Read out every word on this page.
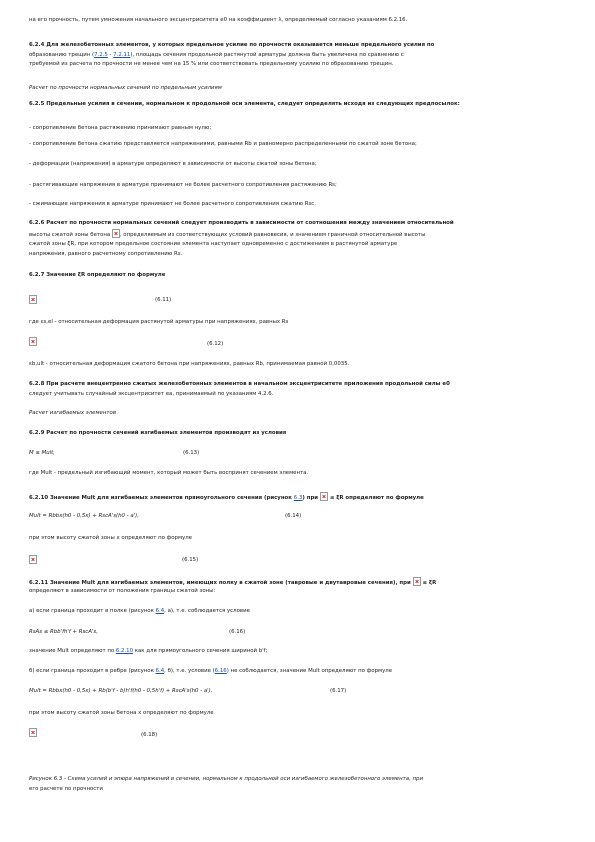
на его прочность, путем умножения начального эксцентриситета e0 на коэффициент λ, определяемый согласно указаниям 6.2.16.
6.2.4 Для железобетонных элементов, у которых предельное усилие по прочности оказывается меньше предельного усилия по
образованию трещин (7.2.5 - 7.2.11), площадь сечения продольной растянутой арматуры должна быть увеличена по сравнению с
требуемой из расчета по прочности не менее чем на 15 % или соответствовать предельному усилию по образованию трещин.
Расчет по прочности нормальных сечений по предельным усилиям
6.2.5 Предельные усилия в сечении, нормальном к продольной оси элемента, следует определять исходя из следующих предпосылок:
- сопротивление бетона растяжению принимают равным нулю;
- сопротивление бетона сжатию представляется напряжениями, равными Rb и равномерно распределенными по сжатой зоне бетона;
- деформации (напряжения) в арматуре определяют в зависимости от высоты сжатой зоны бетона;
- растягивающие напряжения в арматуре принимают не более расчетного сопротивления растяжению Rs;
- сжимающие напряжения в арматуре принимают не более расчетного сопротивления сжатию Rsc.
6.2.6 Расчет по прочности нормальных сечений следует производить в зависимости от соотношения между значением относительной
высоты сжатой зоны бетона , определяемым из соответствующих условий равновесия, и значением граничной относительной высоты
сжатой зоны ξR, при котором предельное состояние элемента наступает одновременно с достижением в растянутой арматуре
напряжения, равного расчетному сопротивлению Rs.
6.2.7 Значение ξR определяют по формуле
(6.11)
где εs,el - относительная деформация растянутой арматуры при напряжениях, равных Rs
(6.12)
εb,ult - относительная деформация сжатого бетона при напряжениях, равных Rb, принимаемая равной 0,0035.
6.2.8 При расчете внецентренно сжатых железобетонных элементов в начальном эксцентриситете приложения продольной силы e0
следует учитывать случайный эксцентриситет ea, принимаемый по указаниям 4.2.6.
Расчет изгибаемых элементов
6.2.9 Расчет по прочности сечений изгибаемых элементов производят из условия
M ≤ Mult,	(6.13)
где Mult - предельный изгибающий момент, который может быть воспринят сечением элемента.
6.2.10 Значение Mult для изгибаемых элементов прямоугольного сечения (рисунок 6.3) при  ≤ ξR определяют по формуле
Mult = Rbbx(h0 - 0,5x) + RscA's(h0 - a'),	(6.14)
при этом высоту сжатой зоны x определяют по формуле
(6.15)
6.2.11 Значение Mult для изгибаемых элементов, имеющих полку в сжатой зоне (тавровые и двутавровые сечения), при  ≤ ξR
определяют в зависимости от положения границы сжатой зоны:
а) если граница проходит в полке (рисунок 6.4, а), т.е. соблюдается условие
RsAs ≤ Rbb'fh'f + RscA's,	(6.16)
значение Mult определяют по 6.2.10 как для прямоугольного сечения шириной b'f;
б) если граница проходит в ребре (рисунок 6.4, б), т.е. условие (6.16) не соблюдается, значение Mult определяют по формуле
Mult = Rbbx(h0 - 0,5x) + Rb(b'f - b)h'f(h0 - 0,5h'f) + RscA's(h0 - a'),	(6.17)
при этом высоту сжатой зоны бетона x определяют по формуле
(6.18)
Рисунок 6.3 - Схема усилий и эпюра напряжений в сечении, нормальном к продольной оси изгибаемого железобетонного элемента, при
его расчете по прочности
